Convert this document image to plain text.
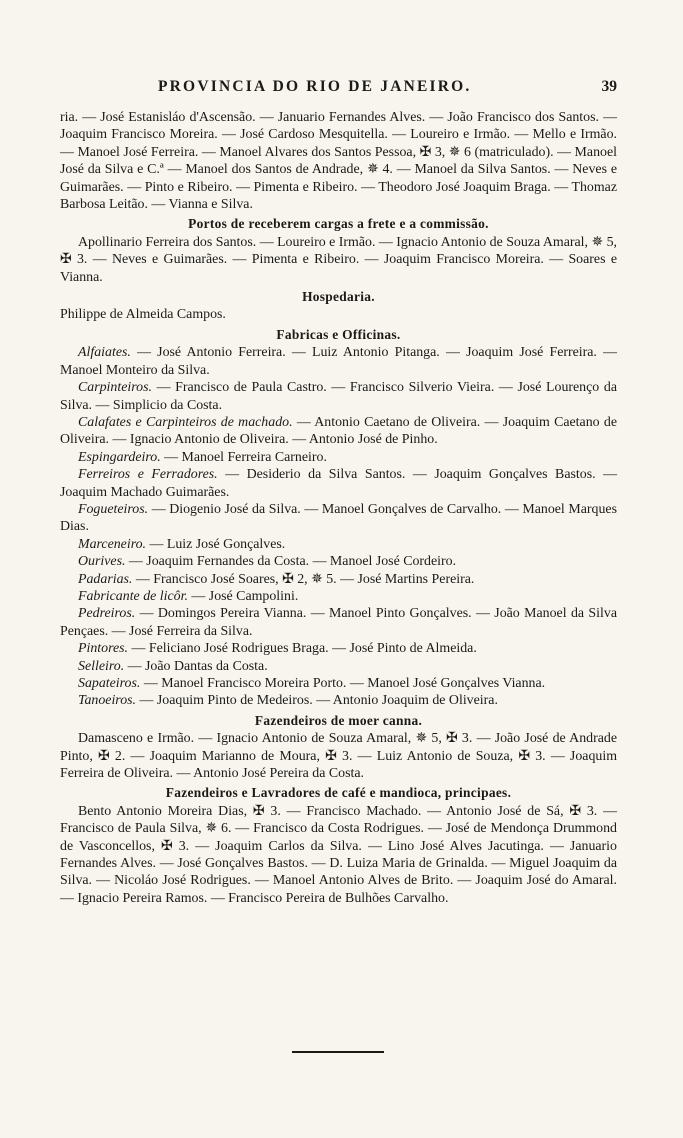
PROVINCIA DO RIO DE JANEIRO.	39

ria. — José Estanisláo d'Ascensão. — Januario Fernandes Alves. — João Francisco dos Santos. — Joaquim Francisco Moreira. — José Cardoso Mesquitella. — Loureiro e Irmão. — Mello e Irmão. — Manoel José Ferreira. — Manoel Alvares dos Santos Pessoa, ✠ 3, ✵ 6 (matriculado). — Manoel José da Silva e C.ª — Manoel dos Santos de Andrade, ✵ 4. — Manoel da Silva Santos. — Neves e Guimarães. — Pinto e Ribeiro. — Pimenta e Ribeiro. — Theodoro José Joaquim Braga. — Thomaz Barbosa Leitão. — Vianna e Silva.

Portos de receberem cargas a frete e a commissão.

Apollinario Ferreira dos Santos. — Loureiro e Irmão. — Ignacio Antonio de Souza Amaral, ✵ 5, ✠ 3. — Neves e Guimarães. — Pimenta e Ribeiro. — Joaquim Francisco Moreira. — Soares e Vianna.

Hospedaria.

Philippe de Almeida Campos.

Fabricas e Officinas.

Alfaiates. — José Antonio Ferreira. — Luiz Antonio Pitanga. — Joaquim José Ferreira. — Manoel Monteiro da Silva.

Carpinteiros. — Francisco de Paula Castro. — Francisco Silverio Vieira. — José Lourenço da Silva. — Simplicio da Costa.

Calafates e Carpinteiros de machado. — Antonio Caetano de Oliveira. — Joaquim Caetano de Oliveira. — Ignacio Antonio de Oliveira. — Antonio José de Pinho.

Espingardeiro. — Manoel Ferreira Carneiro.

Ferreiros e Ferradores. — Desiderio da Silva Santos. — Joaquim Gonçalves Bastos. — Joaquim Machado Guimarães.

Fogueteiros. — Diogenio José da Silva. — Manoel Gonçalves de Carvalho. — Manoel Marques Dias.

Marceneiro. — Luiz José Gonçalves.

Ourives. — Joaquim Fernandes da Costa. — Manoel José Cordeiro.

Padarias. — Francisco José Soares, ✠ 2, ✵ 5. — José Martins Pereira.

Fabricante de licôr. — José Campolini.

Pedreiros. — Domingos Pereira Vianna. — Manoel Pinto Gonçalves. — João Manoel da Silva Pençaes. — José Ferreira da Silva.

Pintores. — Feliciano José Rodrigues Braga. — José Pinto de Almeida.

Selleiro. — João Dantas da Costa.

Sapateiros. — Manoel Francisco Moreira Porto. — Manoel José Gonçalves Vianna.

Tanoeiros. — Joaquim Pinto de Medeiros. — Antonio Joaquim de Oliveira.

Fazendeiros de moer canna.

Damasceno e Irmão. — Ignacio Antonio de Souza Amaral, ✵ 5, ✠ 3. — João José de Andrade Pinto, ✠ 2. — Joaquim Marianno de Moura, ✠ 3. — Luiz Antonio de Souza, ✠ 3. — Joaquim Ferreira de Oliveira. — Antonio José Pereira da Costa.

Fazendeiros e Lavradores de café e mandioca, principaes.

Bento Antonio Moreira Dias, ✠ 3. — Francisco Machado. — Antonio José de Sá, ✠ 3. — Francisco de Paula Silva, ✵ 6. — Francisco da Costa Rodrigues. — José de Mendonça Drummond de Vasconcellos, ✠ 3. — Joaquim Carlos da Silva. — Lino José Alves Jacutinga. — Januario Fernandes Alves. — José Gonçalves Bastos. — D. Luiza Maria de Grinalda. — Miguel Joaquim da Silva. — Nicoláo José Rodrigues. — Manoel Antonio Alves de Brito. — Joaquim José do Amaral. — Ignacio Pereira Ramos. — Francisco Pereira de Bulhões Carvalho.
